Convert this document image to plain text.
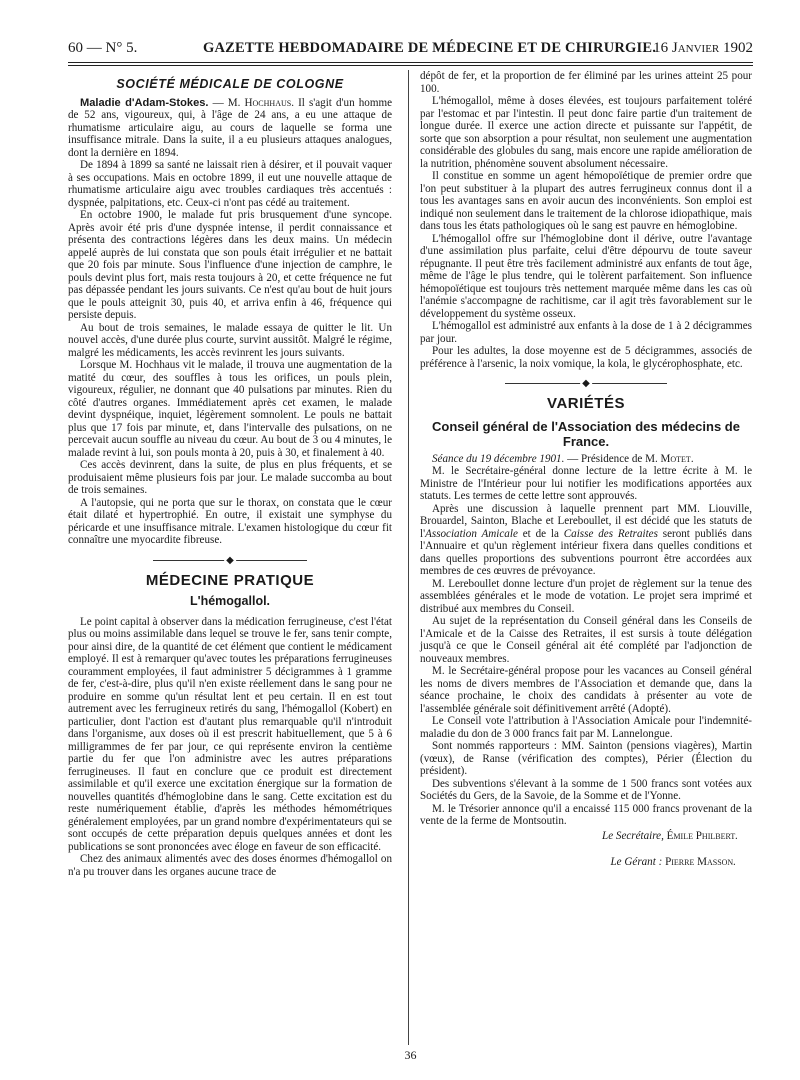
60 — N° 5.	GAZETTE HEBDOMADAIRE DE MÉDECINE ET DE CHIRURGIE.
16 Janvier 1902
SOCIÉTÉ MÉDICALE DE COLOGNE

Maladie d'Adam-Stokes. — M. Hochhaus. Il s'agit d'un homme de 52 ans, vigoureux, qui, à l'âge de 24 ans, a eu une attaque de rhumatisme articulaire aigu, au cours de laquelle se forma une insuffisance mitrale. Dans la suite, il a eu plusieurs attaques analogues, dont la dernière en 1894.

De 1894 à 1899 sa santé ne laissait rien à désirer, et il pouvait vaquer à ses occupations. Mais en octobre 1899, il eut une nouvelle attaque de rhumatisme articulaire aigu avec troubles cardiaques très accentués : dyspnée, palpitations, etc. Ceux-ci n'ont pas cédé au traitement.

En octobre 1900, le malade fut pris brusquement d'une syncope. Après avoir été pris d'une dyspnée intense, il perdit connaissance et présenta des contractions légères dans les deux mains. Un médecin appelé auprès de lui constata que son pouls était irrégulier et ne battait que 20 fois par minute. Sous l'influence d'une injection de camphre, le pouls devint plus fort, mais resta toujours à 20, et cette fréquence ne fut pas dépassée pendant les jours suivants. Ce n'est qu'au bout de huit jours que le pouls atteignit 30, puis 40, et arriva enfin à 46, fréquence qui persiste depuis.

Au bout de trois semaines, le malade essaya de quitter le lit. Un nouvel accès, d'une durée plus courte, survint aussitôt. Malgré le régime, malgré les médicaments, les accès revinrent les jours suivants.

Lorsque M. Hochhaus vit le malade, il trouva une augmentation de la matité du cœur, des souffles à tous les orifices, un pouls plein, vigoureux, régulier, ne donnant que 40 pulsations par minutes. Rien du côté d'autres organes. Immédiatement après cet examen, le malade devint dyspnéique, inquiet, légèrement somnolent. Le pouls ne battait plus que 17 fois par minute, et, dans l'intervalle des pulsations, on ne percevait aucun souffle au niveau du cœur. Au bout de 3 ou 4 minutes, le malade revint à lui, son pouls monta à 20, puis à 30, et finalement à 40.

Ces accès devinrent, dans la suite, de plus en plus fréquents, et se produisaient même plusieurs fois par jour. Le malade succomba au bout de trois semaines.

A l'autopsie, qui ne porta que sur le thorax, on constata que le cœur était dilaté et hypertrophié. En outre, il existait une symphyse du péricarde et une insuffisance mitrale. L'examen histologique du cœur fit connaître une myocardite fibreuse.

◆
MÉDECINE PRATIQUE
L'hémogallol.

Le point capital à observer dans la médication ferrugineuse, c'est l'état plus ou moins assimilable dans lequel se trouve le fer, sans tenir compte, pour ainsi dire, de la quantité de cet élément que contient le médicament employé. Il est à remarquer qu'avec toutes les préparations ferrugineuses couramment employées, il faut administrer 5 décigrammes à 1 gramme de fer, c'est-à-dire, plus qu'il n'en existe réellement dans le sang pour ne produire en somme qu'un résultat lent et peu certain. Il en est tout autrement avec les ferrugineux retirés du sang, l'hémogallol (Kobert) en particulier, dont l'action est d'autant plus remarquable qu'il n'introduit dans l'organisme, aux doses où il est prescrit habituellement, que 5 à 6 milligrammes de fer par jour, ce qui représente environ la centième partie du fer que l'on administre avec les autres préparations ferrugineuses. Il faut en conclure que ce produit est directement assimilable et qu'il exerce une excitation énergique sur la formation de nouvelles quantités d'hémoglobine dans le sang. Cette excitation est du reste numériquement établie, d'après les méthodes hémométriques généralement employées, par un grand nombre d'expérimentateurs qui se sont occupés de cette préparation depuis quelques années et dont les publications se sont prononcées avec éloge en faveur de son efficacité.

Chez des animaux alimentés avec des doses énormes d'hémogallol on n'a pu trouver dans les organes aucune trace de

dépôt de fer, et la proportion de fer éliminé par les urines atteint 25 pour 100.

L'hémogallol, même à doses élevées, est toujours parfaitement toléré par l'estomac et par l'intestin. Il peut donc faire partie d'un traitement de longue durée. Il exerce une action directe et puissante sur l'appétit, de sorte que son absorption a pour résultat, non seulement une augmentation considérable des globules du sang, mais encore une rapide amélioration de la nutrition, phénomène souvent absolument nécessaire.

Il constitue en somme un agent hémopoïétique de premier ordre que l'on peut substituer à la plupart des autres ferrugineux connus dont il a tous les avantages sans en avoir aucun des inconvénients. Son emploi est indiqué non seulement dans le traitement de la chlorose idiopathique, mais dans tous les états pathologiques où le sang est pauvre en hémoglobine.

L'hémogallol offre sur l'hémoglobine dont il dérive, outre l'avantage d'une assimilation plus parfaite, celui d'être dépourvu de toute saveur répugnante. Il peut être très facilement administré aux enfants de tout âge, même de l'âge le plus tendre, qui le tolèrent parfaitement. Son influence hémopoïétique est toujours très nettement marquée même dans les cas où l'anémie s'accompagne de rachitisme, car il agit très favorablement sur le développement du système osseux.

L'hémogallol est administré aux enfants à la dose de 1 à 2 décigrammes par jour.

Pour les adultes, la dose moyenne est de 5 décigrammes, associés de préférence à l'arsenic, la noix vomique, la kola, le glycérophosphate, etc.

◆
VARIÉTÉS
Conseil général de l'Association des médecins de France.

Séance du 19 décembre 1901. — Présidence de M. Motet.

M. le Secrétaire-général donne lecture de la lettre écrite à M. le Ministre de l'Intérieur pour lui notifier les modifications apportées aux statuts. Les termes de cette lettre sont approuvés.

Après une discussion à laquelle prennent part MM. Liouville, Brouardel, Sainton, Blache et Lereboullet, il est décidé que les statuts de l'Association Amicale et de la Caisse des Retraites seront publiés dans l'Annuaire et qu'un règlement intérieur fixera dans quelles conditions et dans quelles proportions des subventions pourront être accordées aux membres de ces œuvres de prévoyance.

M. Lereboullet donne lecture d'un projet de règlement sur la tenue des assemblées générales et le mode de votation. Le projet sera imprimé et distribué aux membres du Conseil.

Au sujet de la représentation du Conseil général dans les Conseils de l'Amicale et de la Caisse des Retraites, il est sursis à toute délégation jusqu'à ce que le Conseil général ait été complété par l'adjonction de nouveaux membres.

M. le Secrétaire-général propose pour les vacances au Conseil général les noms de divers membres de l'Association et demande que, dans la séance prochaine, le choix des candidats à présenter au vote de l'assemblée générale soit définitivement arrêté (Adopté).

Le Conseil vote l'attribution à l'Association Amicale pour l'indemnité-maladie du don de 3 000 francs fait par M. Lannelongue.

Sont nommés rapporteurs : MM. Sainton (pensions viagères), Martin (vœux), de Ranse (vérification des comptes), Périer (Élection du président).

Des subventions s'élevant à la somme de 1 500 francs sont votées aux Sociétés du Gers, de la Savoie, de la Somme et de l'Yonne.

M. le Trésorier annonce qu'il a encaissé 115 000 francs provenant de la vente de la ferme de Montsoutin.

Le Secrétaire, Émile Philbert.
Le Gérant : Pierre Masson.
36
